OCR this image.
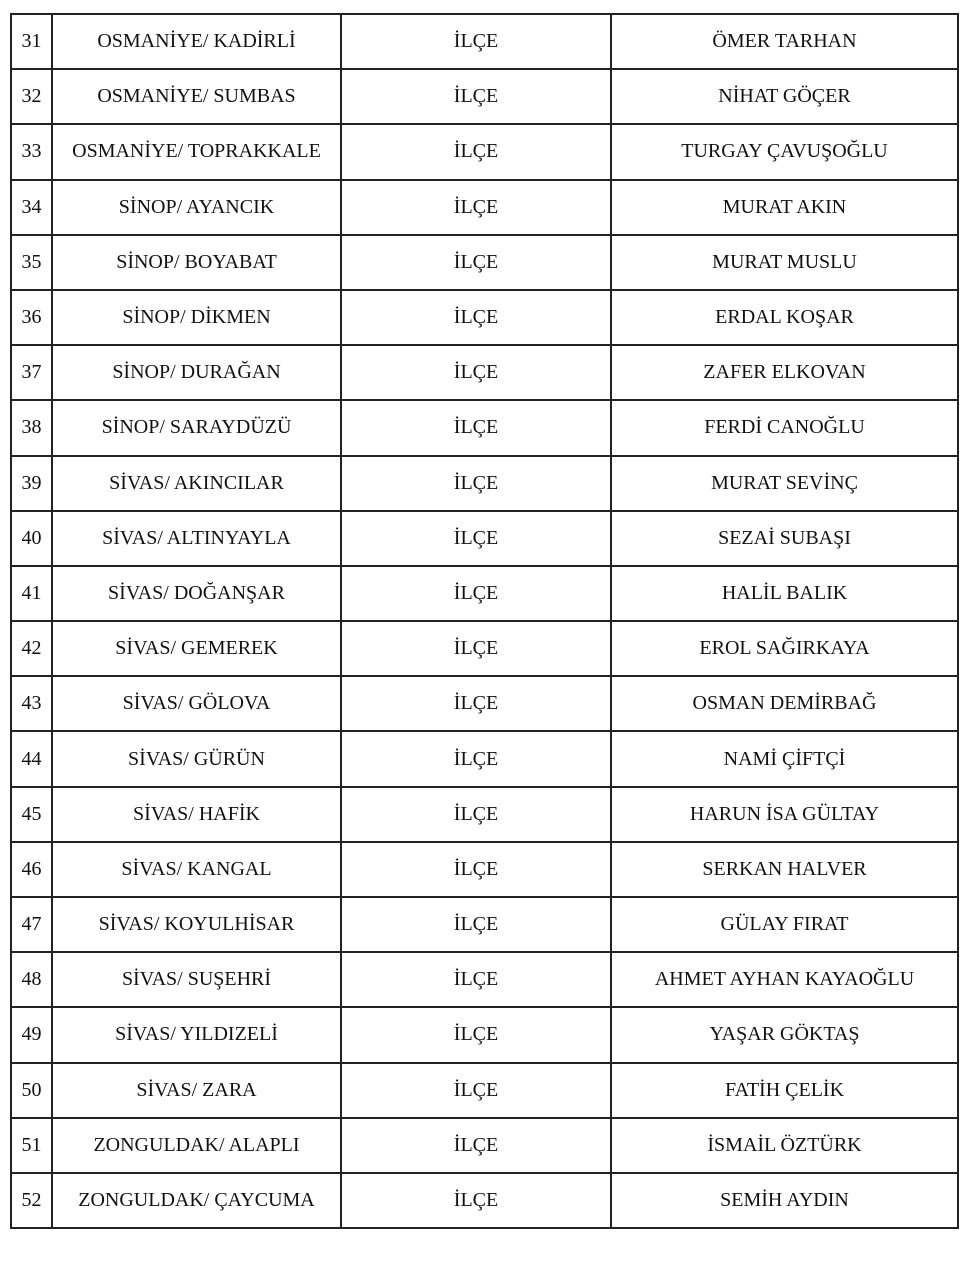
31	OSMANİYE/ KADİRLİ	İLÇE	ÖMER TARHAN
32	OSMANİYE/ SUMBAS	İLÇE	NİHAT GÖÇER
33	OSMANİYE/ TOPRAKKALE	İLÇE	TURGAY ÇAVUŞOĞLU
34	SİNOP/ AYANCIK	İLÇE	MURAT AKIN
35	SİNOP/ BOYABAT	İLÇE	MURAT MUSLU
36	SİNOP/ DİKMEN	İLÇE	ERDAL KOŞAR
37	SİNOP/ DURAĞAN	İLÇE	ZAFER ELKOVAN
38	SİNOP/ SARAYDÜZÜ	İLÇE	FERDİ CANOĞLU
39	SİVAS/ AKINCILAR	İLÇE	MURAT SEVİNÇ
40	SİVAS/ ALTINYAYLA	İLÇE	SEZAİ SUBAŞI
41	SİVAS/ DOĞANŞAR	İLÇE	HALİL BALIK
42	SİVAS/ GEMEREK	İLÇE	EROL SAĞIRKAYA
43	SİVAS/ GÖLOVA	İLÇE	OSMAN DEMİRBAĞ
44	SİVAS/ GÜRÜN	İLÇE	NAMİ ÇİFTÇİ
45	SİVAS/ HAFİK	İLÇE	HARUN İSA GÜLTAY
46	SİVAS/ KANGAL	İLÇE	SERKAN HALVER
47	SİVAS/ KOYULHİSAR	İLÇE	GÜLAY FIRAT
48	SİVAS/ SUŞEHRİ	İLÇE	AHMET AYHAN KAYAOĞLU
49	SİVAS/ YILDIZELİ	İLÇE	YAŞAR GÖKTAŞ
50	SİVAS/ ZARA	İLÇE	FATİH ÇELİK
51	ZONGULDAK/ ALAPLI	İLÇE	İSMAİL ÖZTÜRK
52	ZONGULDAK/ ÇAYCUMA	İLÇE	SEMİH AYDIN
